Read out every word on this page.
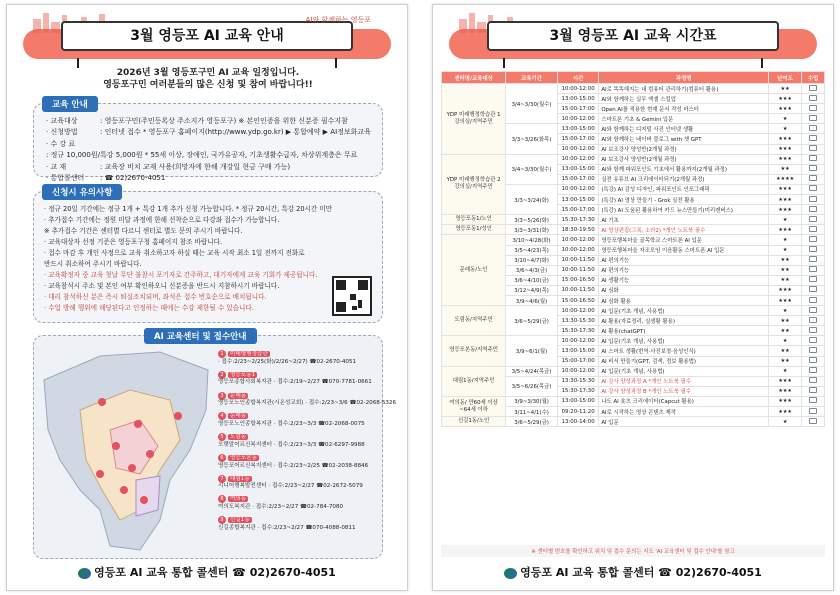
3월 영등포 AI 교육 안내
AI와 함께하는 영등포
2026년 3월 영등포구민 AI 교육 일정입니다.
영등포구민 여러분들의 많은 신청 및 참여 바랍니다!!
교육 안내
· 교육대상	: 영등포구민(주민등록상 주소지가 영등포구) ※ 본인인증을 위한 신분증 필수지참
· 신청방법	: 인터넷 접수 * 영등포구 홈페이지(http://www.ydp.go.kr) ▶ 통합예약 ▶ AI정보화교육
· 수 강 료: 정규 10,000원/특강 5,000원 * 55세 이상, 장애인, 국가유공자, 기초생활수급자, 차상위계층은 무료
· 교 재	: 교육장 비치 교재 사용(희망자에 한해 개강일 현금 구매 가능)
· 통합콜센터 : ☎ 02)2670-4051
신청시 유의사항
· 정규 20일 기간에는 정규 1개 + 특강 1개 추가 신청 가능합니다. * 정규 20시간, 특강 20시간 미만
· 추가접수 기간에는 정원 미달 과정에 한해 선착순으로 다강좌 접수가 가능합니다.
※ 추가접수 기간은 센터별 다르니 센터로 별도 문의 주시기 바랍니다.
· 교육대상자 선정 기준은 영등포구청 홈페이지 참조 바랍니다.
· 접수 마감 후 개인 사정으로 교육 취소하고자 하실 때는 교육 시작 최소 1일 전까지 전화로
반드시 취소하여 주시기 바랍니다.
· 교육확정자 중 교육 첫날 무단 불참시 포기자로 간주하고, 대기자에게 교육 기회가 제공됩니다.
· 교육참석시 주소 및 본인 여부 확인하오니 신분증을 반드시 지참하시기 바랍니다.
· 대리 참석하신 분은 즉시 퇴실조치되며, 좌석은 접수 번호순으로 배치됩니다.
· 수업 방해 행위에 해당된다고 인정하는 때에는 수강 제한될 수 있습니다.
AI 교육센터 및 접수안내
1 미래형행정습관
· 접수:2/23~2/25(화)/2/26~2/27) ☎02-2670-4051
2 영등포동1
영등포종합사회복지관 · 접수:2/19~2/27 ☎070-7781-0661
3 문래동
영등포노인종합복지관(시온성교회) · 접수:2/23~3/6 ☎02-2068-5326
4 문래동
영등포노인종합복지관 · 접수:2/23~3/3 ☎02-2068-0075
5 도림동
모랫말어르신복지센터 · 접수:2/23~3/3 ☎02-6297-9988
6 영등포본동
영등포어르신복지센터 · 접수:2/23~2/25 ☎02-2038-8846
7 대림1동
시니어행복발전센터 · 접수:2/23~2/27 ☎02-2672-5079
8 여의동
여의도복지관 · 접수:2/23~2/27 ☎02-784-7080
9 신길1동
신길종합복지관 · 접수:2/23~2/27 ☎070-4088-0811
영등포 AI 교육 통합 콜센터 ☎ 02)2670-4051
3월 영등포 AI 교육 시간표
센터명/교육대상	교육기간	시간	과정명	난이도	수업
YDP 미래행정학습관 1 강의실/지역주민	3/4~3/30(월수)	10:00-12:00	AI로 똑똑해지는 내 컴퓨터 관리하기(컴퓨터 활용)	★★	
		13:00-15:00	AI와 함께하는 실무 엑셀 스킬업	★★★	
		15:00-17:00	Open AI를 적용한 현재 문서 작성 마스터	★★★	
		10:00-12:00	스마트폰 기초 & Gemini 입문	★	
	3/3~3/26(화목)	13:00-15:00	AI와 함께하는 디지털 사진 인터넷 생활	★	
		15:00-17:00	AI와 함께하는 네이버 블로그 with 챗 GPT	★★★	
		10:00-12:00	AI 보조강사 양성반(2개월 과정)	★★★	
YDP 미래행정학습관 2 강의실/지역주민	3/4~3/30(월수)	10:00-12:00	AI 보조강사 양성반(2개월 과정)	★★★	
		13:00-15:00	AI와 함께 파워포인트 기초에서 활용까지(2개월 과정)	★★	
		15:00-17:00	실전 유튜브 AI 크리에이터되기(2개월 과정)	★★★★	
	3/3~3/24(화)	10:00-12:00	(특강) AI 감성 디자인, 파워포인트 인포그래픽	★★★	
		13:00-15:00	(특강) AI 영상 만들기 - Grok 실전 활용	★★★	
		15:00-17:00	(특강) AI 도움된 활용하여 카드 뉴스만들기(미리캔버스)	★★★	
영등포동1/노인	3/3~5/26(화)	15:30-17:30	AI 기초	★	
영등포동1/성인	3/3~3/31(화)	18:30-19:50	AI 영상편집(그록, 소라2) *개인 노트북 필수	★★★	
문래동/노인	3/10~4/28(화)	10:00-12:00	영등포행복마을 골목학교 스마트폰 AI 입문	★	
	3/5~4/23(목)	10:00-12:00	영등포행복마을 자조모임 이음활동 스마트폰 AI 입문	★	
	3/10~4/7(화)	10:00-11:50	AI 편의기능	★★	
	3/6~4/3(금)	10:00-11:50	AI 편의기능	★★	
	3/6~4/10(금)	15:00-16:50	AI 생활기능	★★	
	3/12~4/9(목)	10:00-11:50	AI 심화	★★★	
	3/9~4/6(월)	15:00-16:50	AI 심화 활용	★★★	
도림동/지역주민	3/6~5/29(금)	10:00-12:00	AI 입문(기초 개념, 사용법)	★	
		13:30-15:30	AI 활용(자료정리, 실생활 활용)	★★	
		15:30-17:30	AI 활용(chatGPT)	★★	
영등포본동/지역주민	3/9~6/1(월)	10:00-12:00	AI 입문(기초 개념, 사용법)	★	
		13:00-15:00	AI 스마트 생활(번역·사진보정·음성인식)	★★	
		15:00-17:00	AI 비서 만들기(GPT, 검색, 정보 활용법)	★★	
대림1동/지역주민	3/5~4/24(목금)	10:00-12:00	AI 입문(기초 개념, 사용법)	★	
	3/5~6/26(목금)	13:30-15:30	AI 강사 양성과정 A *개인 노트북 필수	★★★	
		15:30-17:30	AI 강사 양성과정 B *개인 노트북 필수	★★★	
여의동/ 만60세 이상~64세 이하	3/9~3/30(월)	13:00-15:00	나도 AI 숏츠 크리에이터(Capcut 활용)	★★★	
	3/11~4/1(수)	09:20-11:20	AI로 시작하는 영상 콘텐츠 제작	★★★	
신길1동/노인	3/6~5/29(금)	13:00-14:00	AI 입문	★	
※ 센터별 번호를 확인하고 위치 및 접수 문의는 지도 'AI 교육센터 및 접수 안내'를 참고
영등포 AI 교육 통합 콜센터 ☎ 02)2670-4051
